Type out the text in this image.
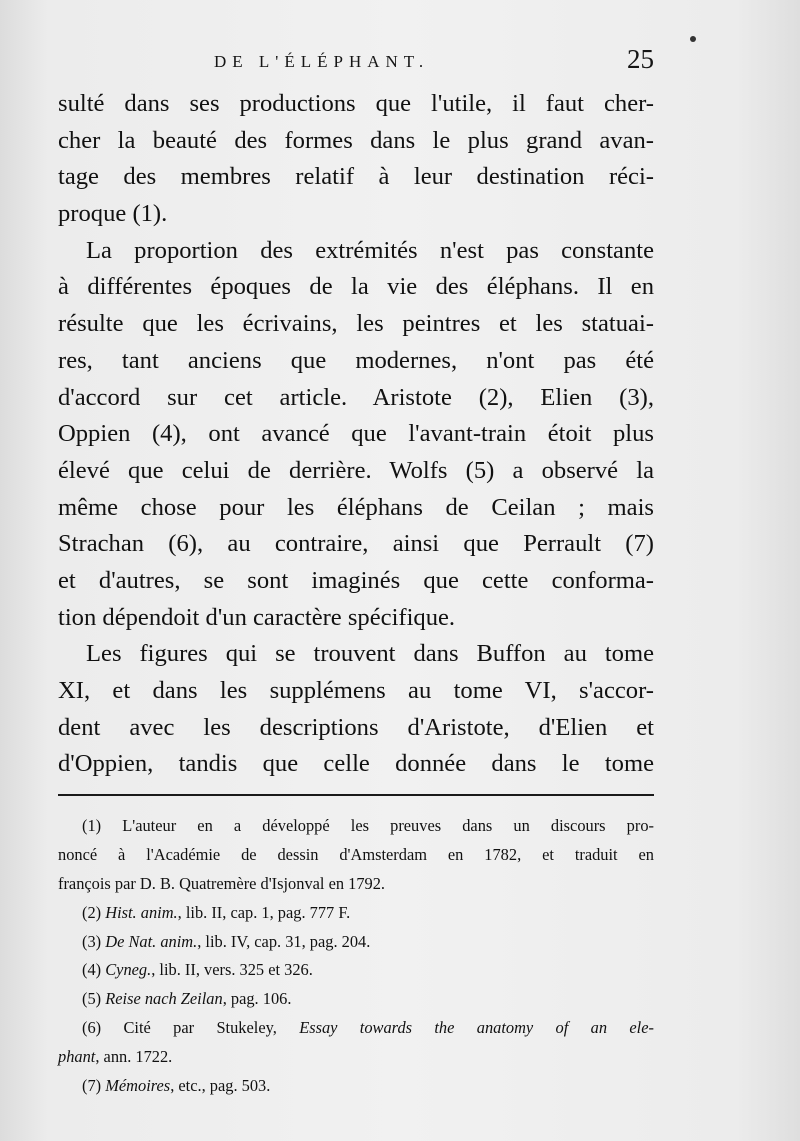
DE L'ÉLÉPHANT.	25
sulté dans ses productions que l'utile, il faut cher-
cher la beauté des formes dans le plus grand avan-
tage des membres relatif à leur destination réci-
proque (1).
La proportion des extrémités n'est pas constante
à différentes époques de la vie des éléphans. Il en
résulte que les écrivains, les peintres et les statuai-
res, tant anciens que modernes, n'ont pas été
d'accord sur cet article. Aristote (2), Elien (3),
Oppien (4), ont avancé que l'avant-train étoit plus
élevé que celui de derrière. Wolfs (5) a observé la
même chose pour les éléphans de Ceilan ; mais
Strachan (6), au contraire, ainsi que Perrault (7)
et d'autres, se sont imaginés que cette conforma-
tion dépendoit d'un caractère spécifique.
Les figures qui se trouvent dans Buffon au tome
XI, et dans les supplémens au tome VI, s'accor-
dent avec les descriptions d'Aristote, d'Elien et
d'Oppien, tandis que celle donnée dans le tome
(1) L'auteur en a développé les preuves dans un discours pro-
noncé à l'Académie de dessin d'Amsterdam en 1782, et traduit en
françois par D. B. Quatremère d'Isjonval en 1792.
(2) Hist. anim., lib. II, cap. 1, pag. 777 F.
(3) De Nat. anim., lib. IV, cap. 31, pag. 204.
(4) Cyneg., lib. II, vers. 325 et 326.
(5) Reise nach Zeilan, pag. 106.
(6) Cité par Stukeley, Essay towards the anatomy of an ele-
phant, ann. 1722.
(7) Mémoires, etc., pag. 503.
